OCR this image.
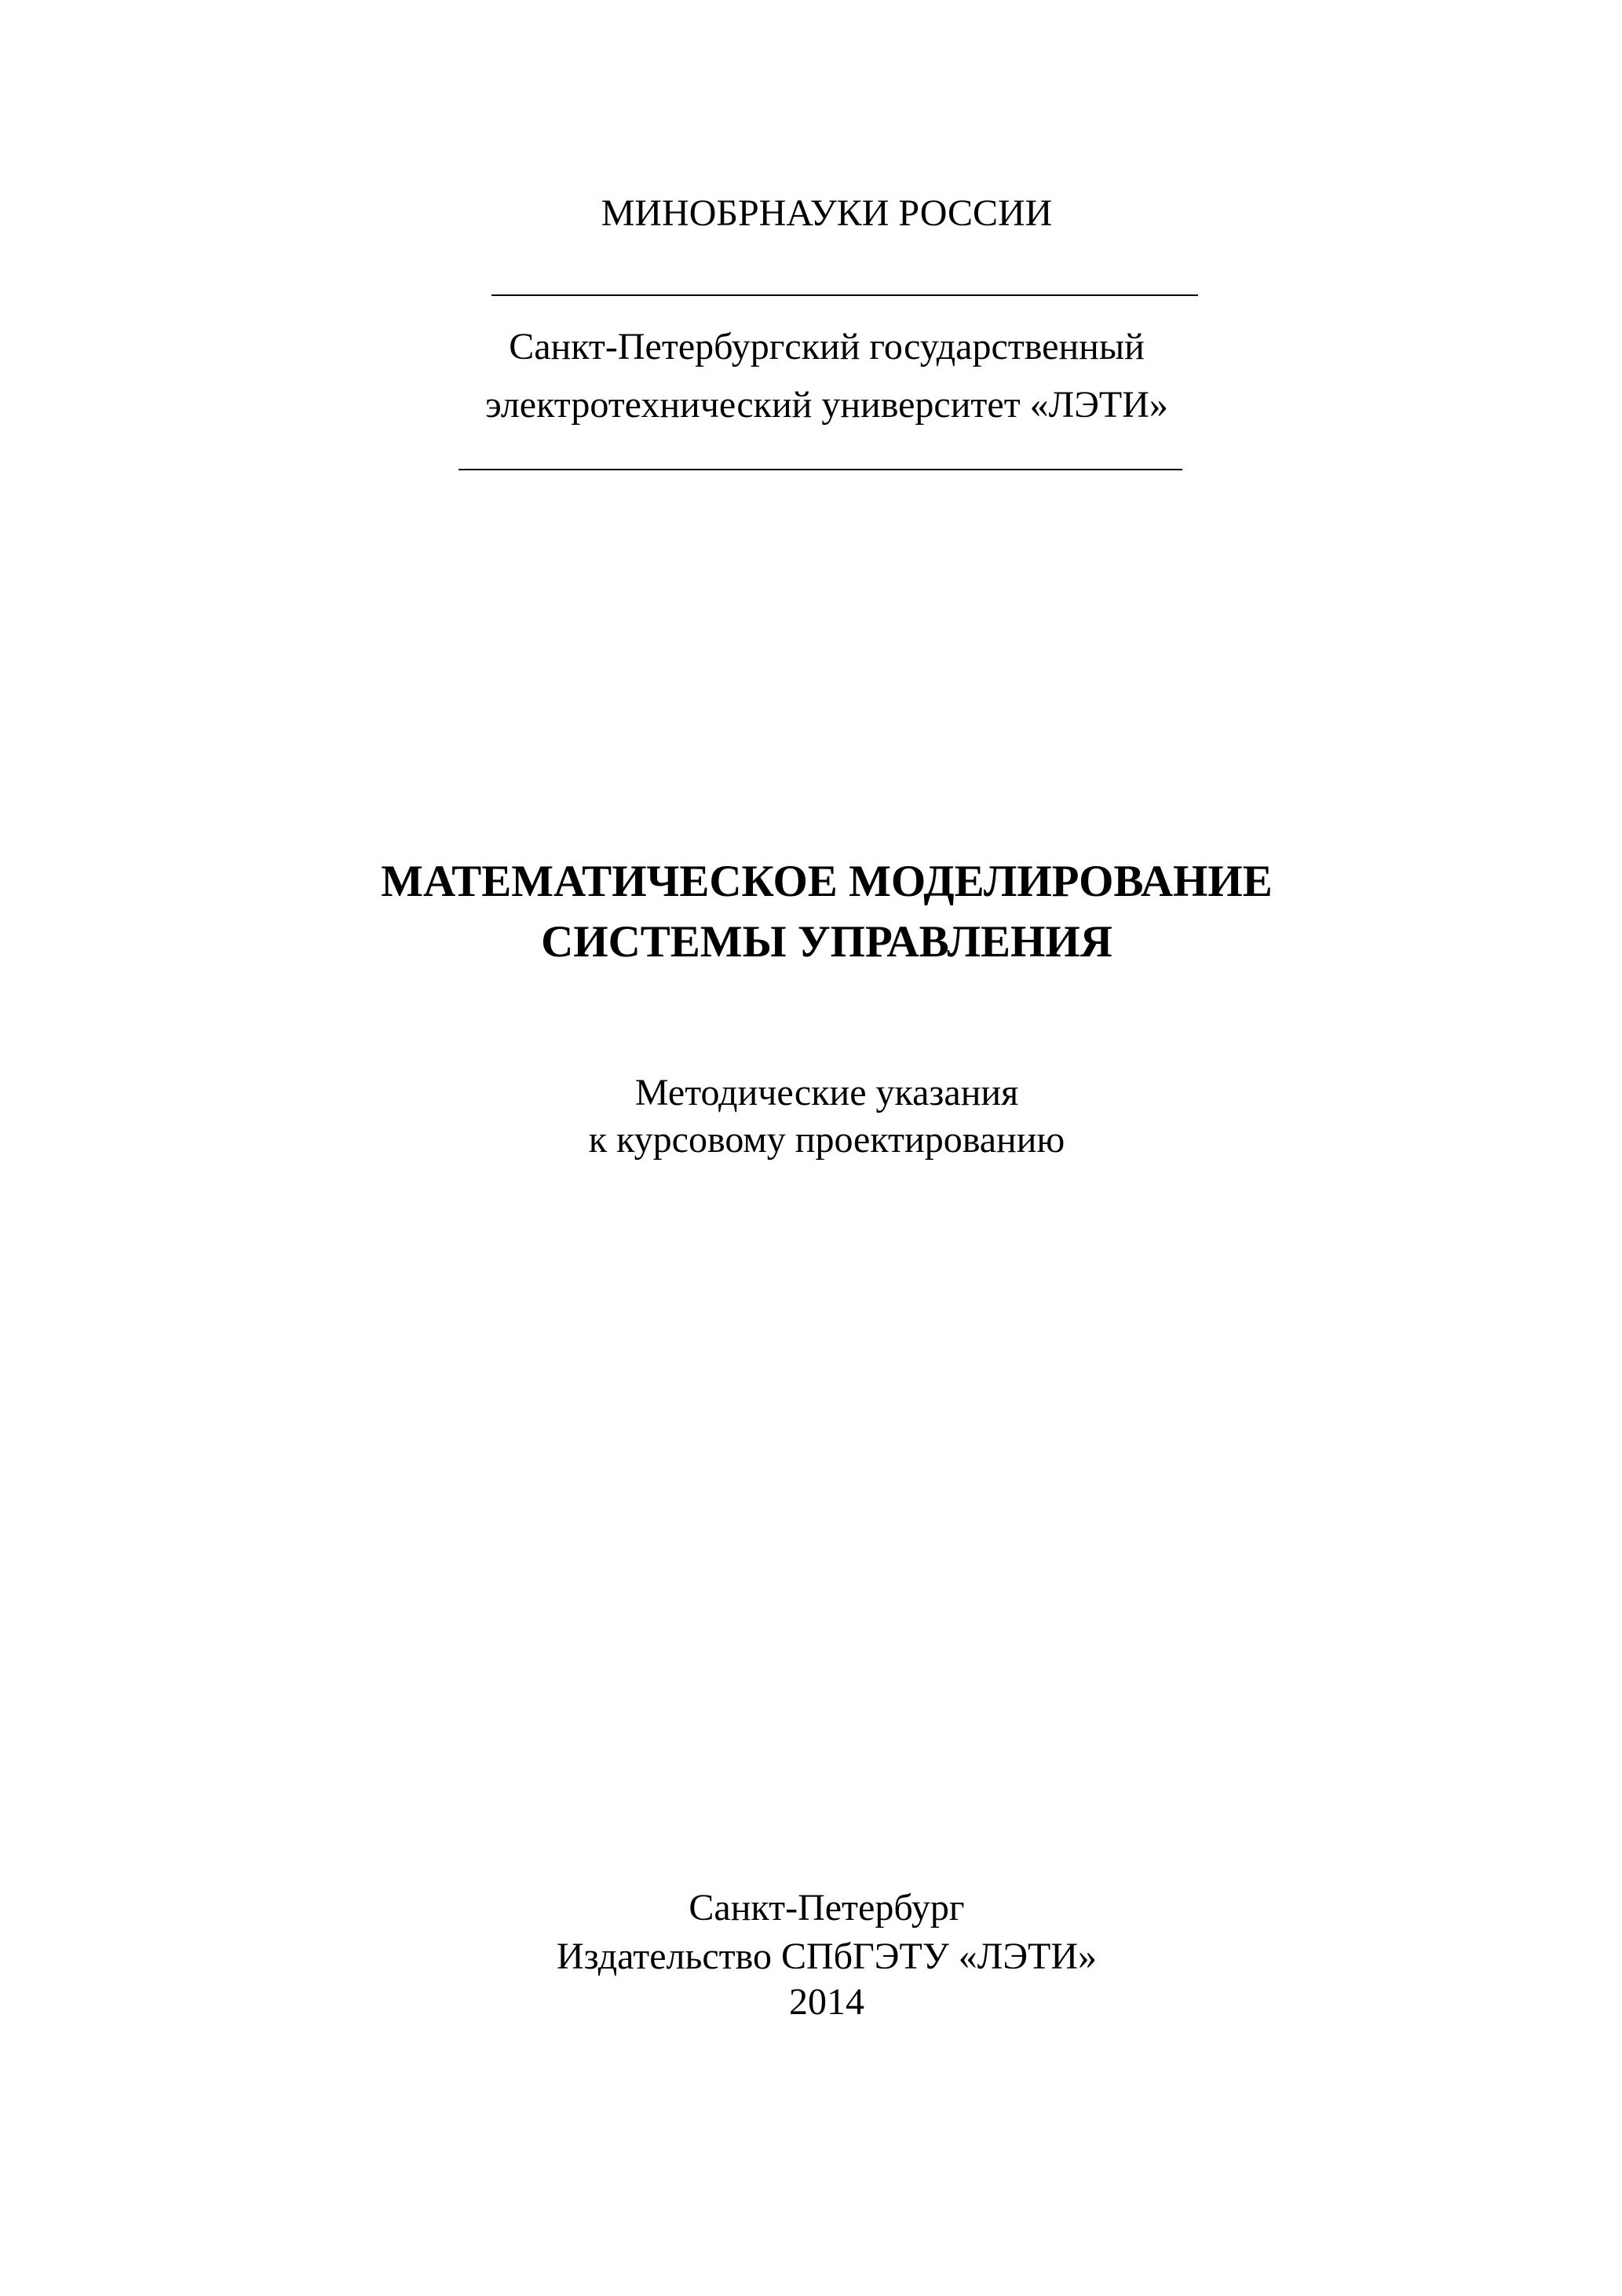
МИНОБРНАУКИ РОССИИ
Санкт-Петербургский государственный
электротехнический университет «ЛЭТИ»
МАТЕМАТИЧЕСКОЕ МОДЕЛИРОВАНИЕ
СИСТЕМЫ УПРАВЛЕНИЯ
Методические указания
к курсовому проектированию
Санкт-Петербург
Издательство СПбГЭТУ «ЛЭТИ»
2014
